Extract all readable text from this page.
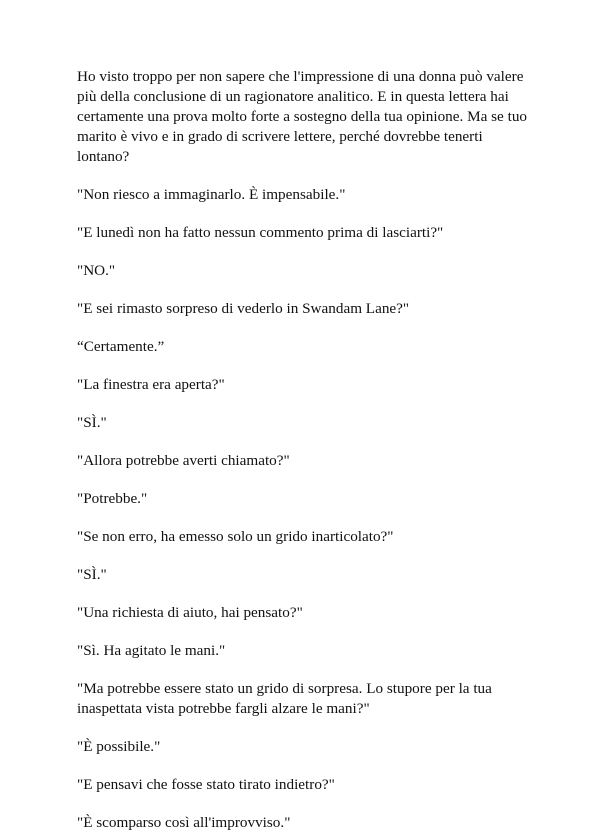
Ho visto troppo per non sapere che l'impressione di una donna può valere più della conclusione di un ragionatore analitico. E in questa lettera hai certamente una prova molto forte a sostegno della tua opinione. Ma se tuo marito è vivo e in grado di scrivere lettere, perché dovrebbe tenerti lontano?

"Non riesco a immaginarlo. È impensabile."

"E lunedì non ha fatto nessun commento prima di lasciarti?"

"NO."

"E sei rimasto sorpreso di vederlo in Swandam Lane?"

“Certamente.”

"La finestra era aperta?"

"SÌ."

"Allora potrebbe averti chiamato?"

"Potrebbe."

"Se non erro, ha emesso solo un grido inarticolato?"

"SÌ."

"Una richiesta di aiuto, hai pensato?"

"Sì. Ha agitato le mani."

"Ma potrebbe essere stato un grido di sorpresa. Lo stupore per la tua inaspettata vista potrebbe fargli alzare le mani?"

"È possibile."

"E pensavi che fosse stato tirato indietro?"

"È scomparso così all'improvviso."
